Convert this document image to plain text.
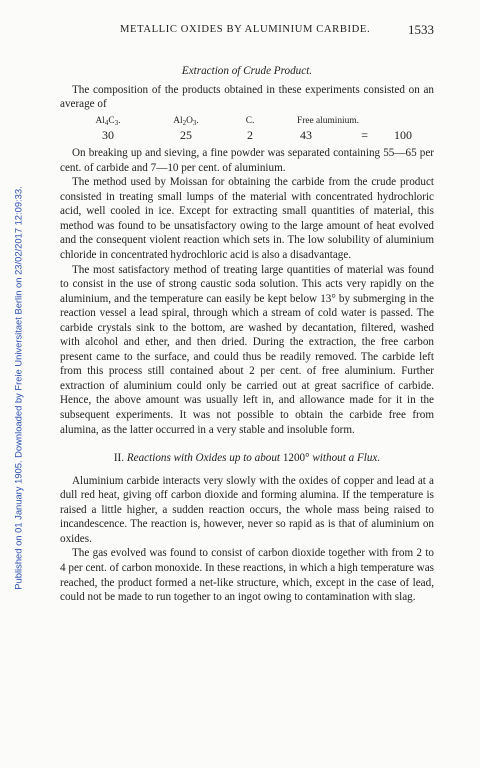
METALLIC OXIDES BY ALUMINIUM CARBIDE.	1533
Published on 01 January 1905. Downloaded by Freie Universitaet Berlin on 23/02/2017 12:09:33.
Extraction of Crude Product.

The composition of the products obtained in these experiments consisted on an average of

$Al_4C_3$.	$Al_2O_3$.	C.	Free aluminium.
30	25	2	43	=	100

On breaking up and sieving, a fine powder was separated containing 55—65 per cent. of carbide and 7—10 per cent. of aluminium.

The method used by Moissan for obtaining the carbide from the crude product consisted in treating small lumps of the material with concentrated hydrochloric acid, well cooled in ice. Except for extracting small quantities of material, this method was found to be unsatisfactory owing to the large amount of heat evolved and the consequent violent reaction which sets in. The low solubility of aluminium chloride in concentrated hydrochloric acid is also a disadvantage.

The most satisfactory method of treating large quantities of material was found to consist in the use of strong caustic soda solution. This acts very rapidly on the aluminium, and the temperature can easily be kept below 13° by submerging in the reaction vessel a lead spiral, through which a stream of cold water is passed. The carbide crystals sink to the bottom, are washed by decantation, filtered, washed with alcohol and ether, and then dried. During the extraction, the free carbon present came to the surface, and could thus be readily removed. The carbide left from this process still contained about 2 per cent. of free aluminium. Further extraction of aluminium could only be carried out at great sacrifice of carbide. Hence, the above amount was usually left in, and allowance made for it in the subsequent experiments. It was not possible to obtain the carbide free from alumina, as the latter occurred in a very stable and insoluble form.

II. Reactions with Oxides up to about 1200° without a Flux.

Aluminium carbide interacts very slowly with the oxides of copper and lead at a dull red heat, giving off carbon dioxide and forming alumina. If the temperature is raised a little higher, a sudden reaction occurs, the whole mass being raised to incandescence. The reaction is, however, never so rapid as is that of aluminium on oxides.

The gas evolved was found to consist of carbon dioxide together with from 2 to 4 per cent. of carbon monoxide. In these reactions, in which a high temperature was reached, the product formed a net-like structure, which, except in the case of lead, could not be made to run together to an ingot owing to contamination with slag.
